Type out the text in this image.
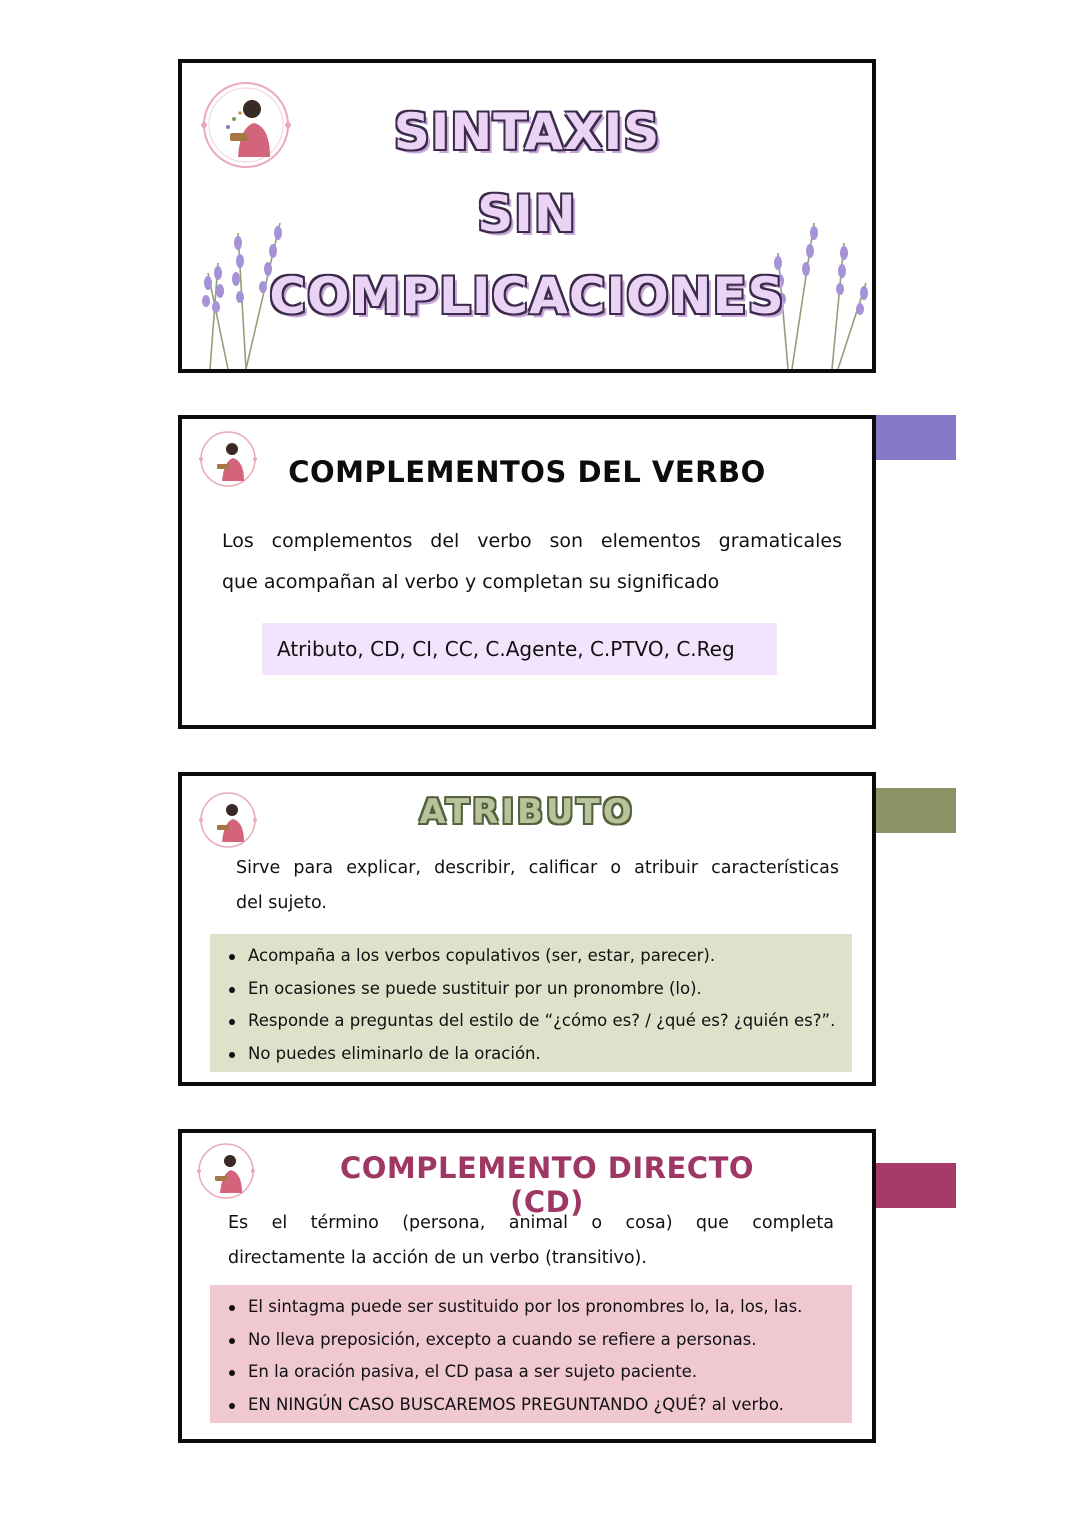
SINTAXIS
SIN
COMPLICACIONES
COMPLEMENTOS DEL VERBO
Los complementos del verbo son elementos gramaticales
que acompañan al verbo y completan su significado
Atributo, CD, CI, CC, C.Agente, C.PTVO, C.Reg
ATRIBUTO
Sirve para explicar, describir, calificar o atribuir características
del sujeto.
Acompaña a los verbos copulativos (ser, estar, parecer).
En ocasiones se puede sustituir por un pronombre (lo).
Responde a preguntas del estilo de “¿cómo es? / ¿qué es? ¿quién es?”.
No puedes eliminarlo de la oración.
COMPLEMENTO DIRECTO (CD)
Es el término (persona, animal o cosa) que completa
directamente la acción de un verbo (transitivo).
El sintagma puede ser sustituido por los pronombres lo, la, los, las.
No lleva preposición, excepto a cuando se refiere a personas.
En la oración pasiva, el CD pasa a ser sujeto paciente.
EN NINGÚN CASO BUSCAREMOS PREGUNTANDO ¿QUÉ? al verbo.
